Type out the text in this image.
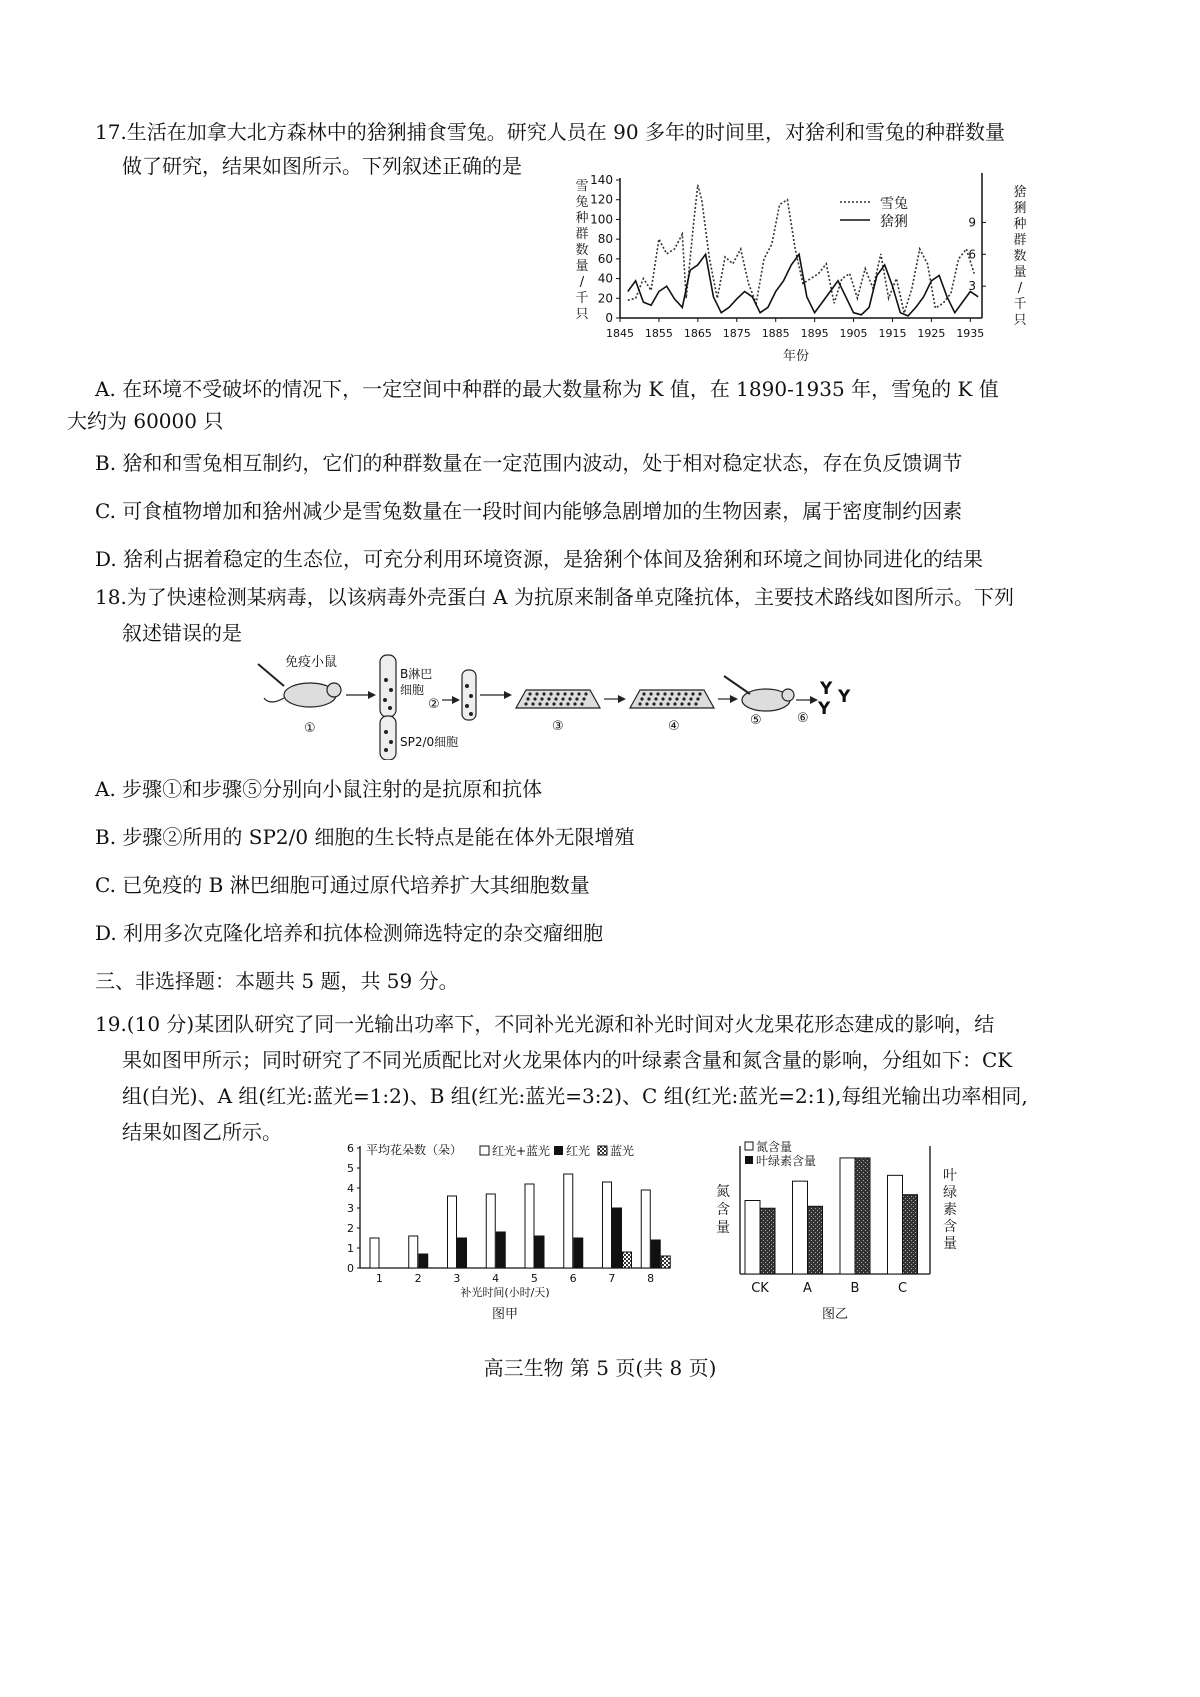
17.生活在加拿大北方森林中的猞猁捕食雪兔。研究人员在 90 多年的时间里，对猞利和雪兔的种群数量
做了研究，结果如图所示。下列叙述正确的是
雪
兔
种
群
数
量
/
千
只
猞
猁
种
群
数
量
/
千
只
0
20
40
60
80
100
120
140
3
6
9
1845 1855 1865 1875 1885 1895 1905 1915 1925 1935
雪兔
猞猁
年份
A. 在环境不受破坏的情况下，一定空间中种群的最大数量称为 K 值，在 1890-1935 年，雪兔的 K 值
大约为 60000 只
B. 猞和和雪兔相互制约，它们的种群数量在一定范围内波动，处于相对稳定状态，存在负反馈调节
C. 可食植物增加和猞州减少是雪兔数量在一段时间内能够急剧增加的生物因素，属于密度制约因素
D. 猞利占据着稳定的生态位，可充分利用环境资源，是猞猁个体间及猞猁和环境之间协同进化的结果
18.为了快速检测某病毒，以该病毒外壳蛋白 A 为抗原来制备单克隆抗体，主要技术路线如图所示。下列
叙述错误的是
免疫小鼠
①
B淋巴
细胞
SP2/0细胞
②
③	④	⑤	⑥
Y Y
Y
A. 步骤①和步骤⑤分别向小鼠注射的是抗原和抗体
B. 步骤②所用的 SP2/0 细胞的生长特点是能在体外无限增殖
C. 已免疫的 B 淋巴细胞可通过原代培养扩大其细胞数量
D. 利用多次克隆化培养和抗体检测筛选特定的杂交瘤细胞
三、非选择题：本题共 5 题，共 59 分。
19.(10 分)某团队研究了同一光输出功率下，不同补光光源和补光时间对火龙果花形态建成的影响，结
果如图甲所示；同时研究了不同光质配比对火龙果体内的叶绿素含量和氮含量的影响，分组如下：CK
组(白光)、A 组(红光:蓝光=1:2)、B 组(红光:蓝光=3:2)、C 组(红光:蓝光=2:1),每组光输出功率相同,
结果如图乙所示。
平均花朵数（朵） 红光+蓝光 红光 蓝光
0
1
2
3
4
5
6
1	2	3	4	5	6	7	8
补光时间(小时/天)
图甲
氮含量
叶绿素含量
氮
含
量
叶
绿
素
含
量
CK	A	B	C
图乙
高三生物 第 5 页(共 8 页)
